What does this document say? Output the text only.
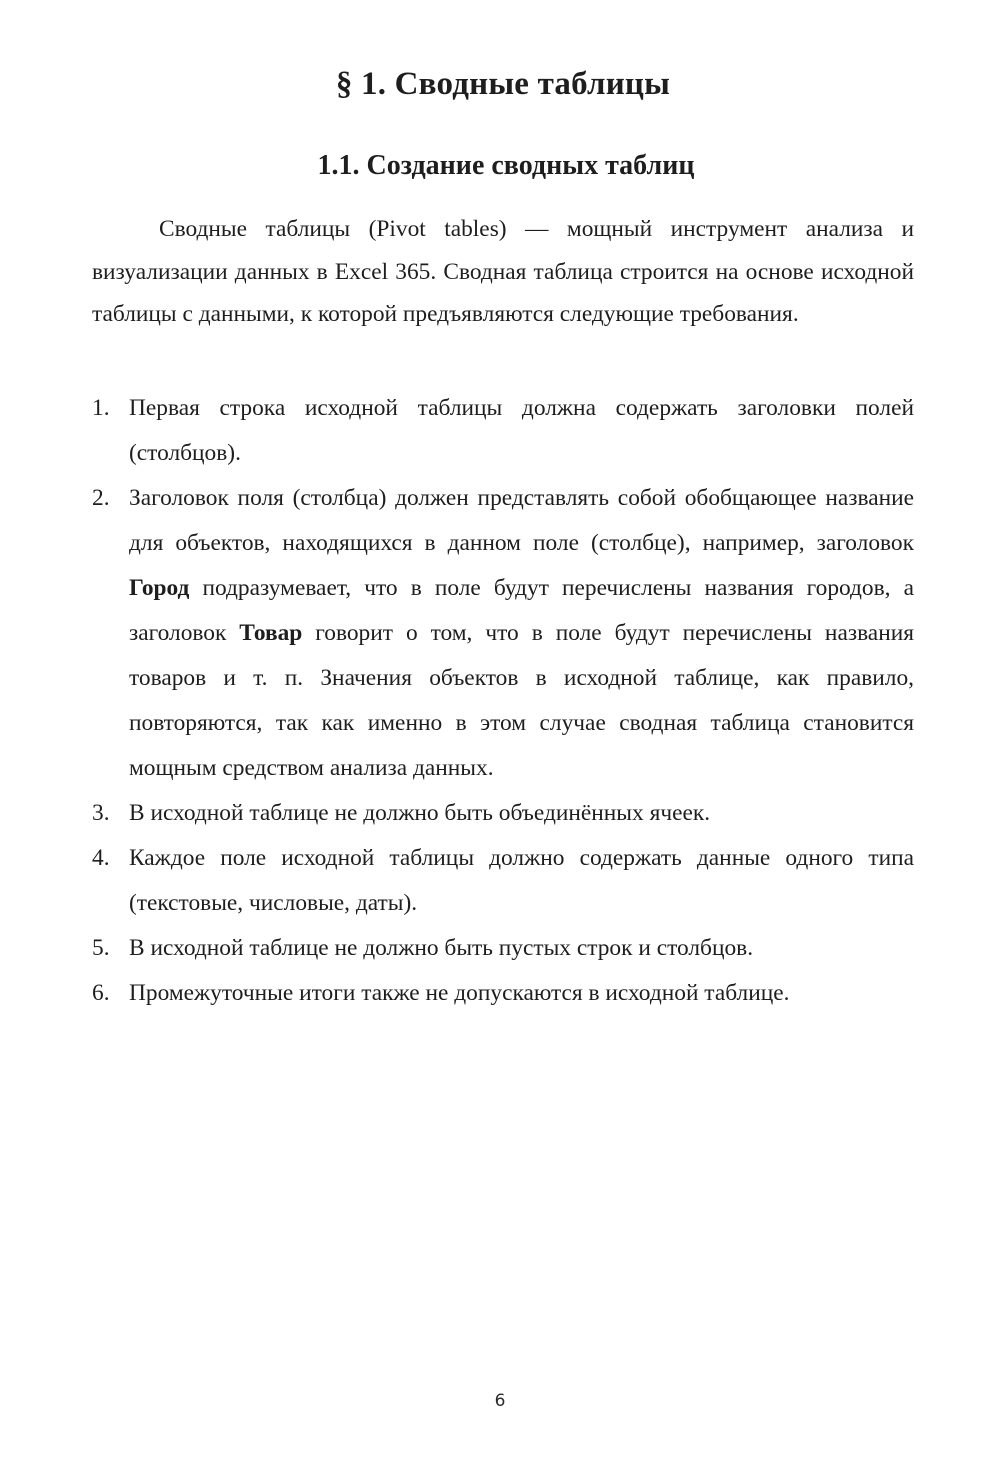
§ 1. Сводные таблицы
1.1. Создание сводных таблиц

Сводные таблицы (Pivot tables) — мощный инструмент анализа и визуализации данных в Excel 365. Сводная таблица строится на основе исходной таблицы с данными, к которой предъявляются следующие требования.

1. Первая строка исходной таблицы должна содержать заголовки полей (столбцов).
2. Заголовок поля (столбца) должен представлять собой обобщающее название для объектов, находящихся в данном поле (столбце), например, заголовок Город подразумевает, что в поле будут перечислены названия городов, а заголовок Товар говорит о том, что в поле будут перечислены названия товаров и т. п. Значения объектов в исходной таблице, как правило, повторяются, так как именно в этом случае сводная таблица становится мощным средством анализа данных.
3. В исходной таблице не должно быть объединённых ячеек.
4. Каждое поле исходной таблицы должно содержать данные одного типа (текстовые, числовые, даты).
5. В исходной таблице не должно быть пустых строк и столбцов.
6. Промежуточные итоги также не допускаются в исходной таблице.
6
